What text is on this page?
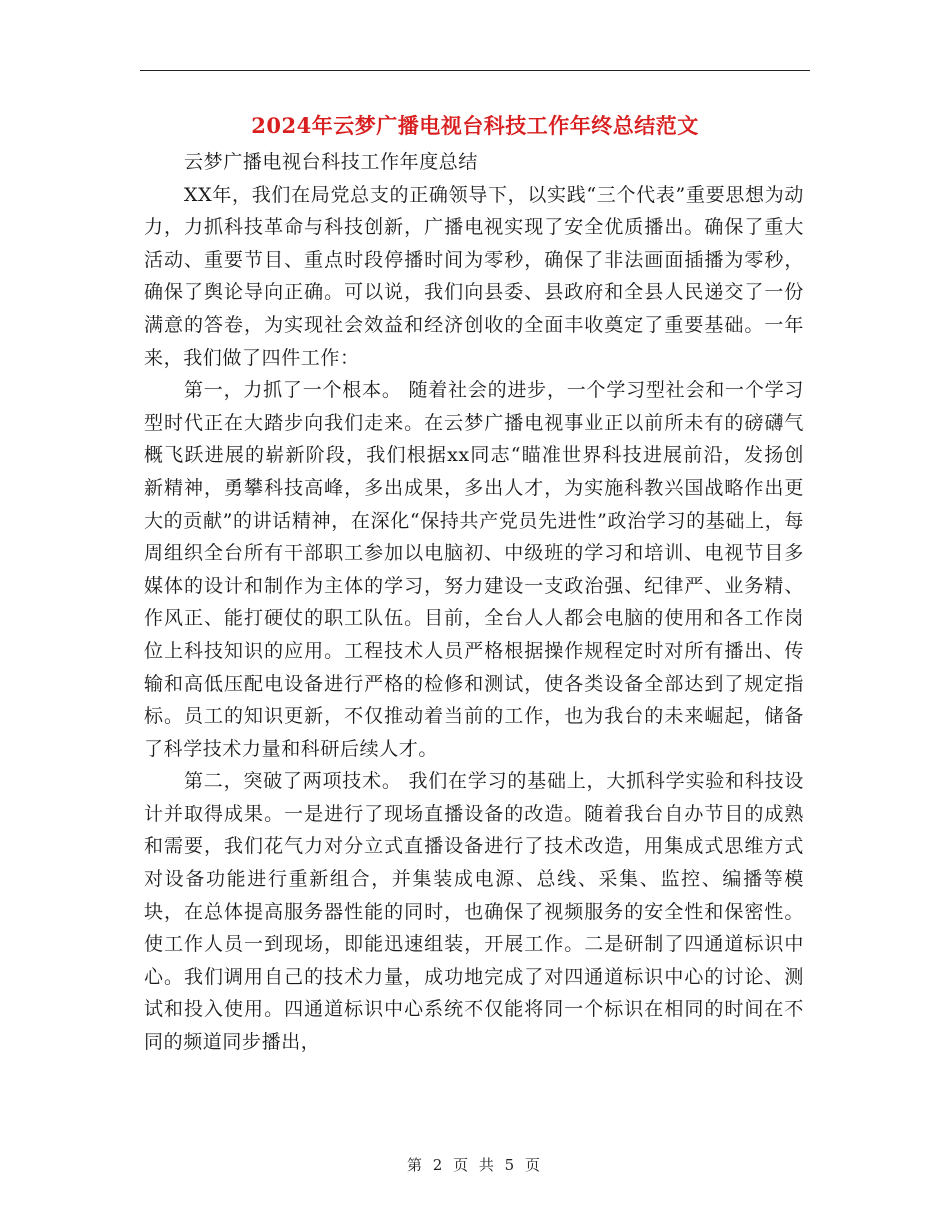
2024年云梦广播电视台科技工作年终总结范文

云梦广播电视台科技工作年度总结

XX年，我们在局党总支的正确领导下，以实践“三个代表”重要思想为动力，力抓科技革命与科技创新，广播电视实现了安全优质播出。确保了重大活动、重要节目、重点时段停播时间为零秒，确保了非法画面插播为零秒，确保了舆论导向正确。可以说，我们向县委、县政府和全县人民递交了一份满意的答卷，为实现社会效益和经济创收的全面丰收奠定了重要基础。一年来，我们做了四件工作：

第一，力抓了一个根本。 随着社会的进步，一个学习型社会和一个学习型时代正在大踏步向我们走来。在云梦广播电视事业正以前所未有的磅礴气概飞跃进展的崭新阶段，我们根据xx同志“瞄准世界科技进展前沿，发扬创新精神，勇攀科技高峰，多出成果，多出人才，为实施科教兴国战略作出更大的贡献”的讲话精神，在深化“保持共产党员先进性”政治学习的基础上，每周组织全台所有干部职工参加以电脑初、中级班的学习和培训、电视节目多媒体的设计和制作为主体的学习，努力建设一支政治强、纪律严、业务精、作风正、能打硬仗的职工队伍。目前，全台人人都会电脑的使用和各工作岗位上科技知识的应用。工程技术人员严格根据操作规程定时对所有播出、传输和高低压配电设备进行严格的检修和测试，使各类设备全部达到了规定指标。员工的知识更新，不仅推动着当前的工作，也为我台的未来崛起，储备了科学技术力量和科研后续人才。

第二，突破了两项技术。 我们在学习的基础上，大抓科学实验和科技设计并取得成果。一是进行了现场直播设备的改造。随着我台自办节目的成熟和需要，我们花气力对分立式直播设备进行了技术改造，用集成式思维方式对设备功能进行重新组合，并集装成电源、总线、采集、监控、编播等模块，在总体提高服务器性能的同时，也确保了视频服务的安全性和保密性。使工作人员一到现场，即能迅速组装，开展工作。二是研制了四通道标识中心。我们调用自己的技术力量，成功地完成了对四通道标识中心的讨论、测试和投入使用。四通道标识中心系统不仅能将同一个标识在相同的时间在不同的频道同步播出，

第 2 页 共 5 页
